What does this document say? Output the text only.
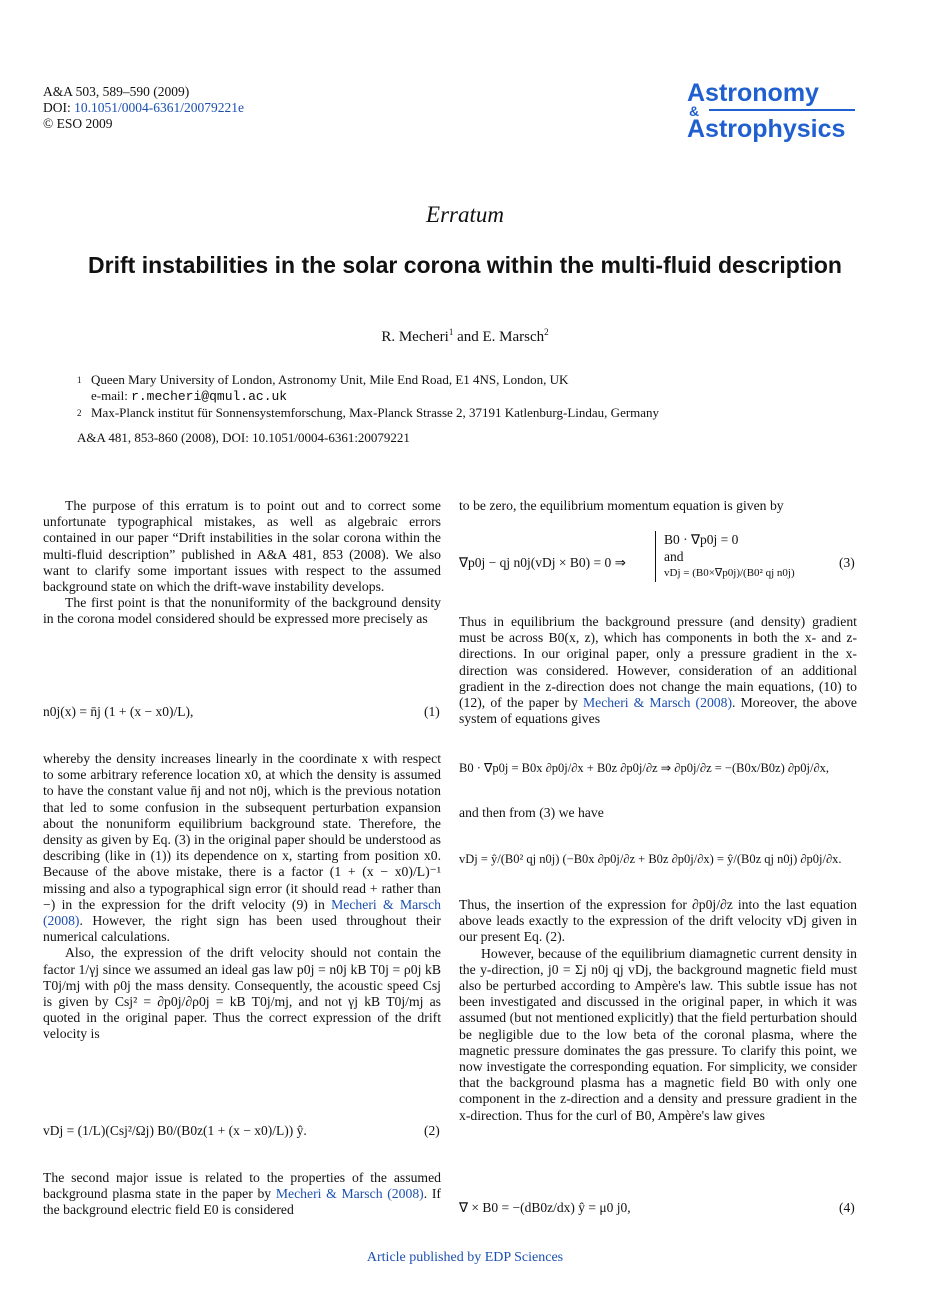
A&A 503, 589–590 (2009)
DOI: 10.1051/0004-6361/20079221e
© ESO 2009
Astronomy
&
Astrophysics
Erratum
Drift instabilities in the solar corona within the multi-fluid description
R. Mecheri$^1$ and E. Marsch$^2$
1 Queen Mary University of London, Astronomy Unit, Mile End Road, E1 4NS, London, UK
e-mail: r.mecheri@qmul.ac.uk
2 Max-Planck institut für Sonnensystemforschung, Max-Planck Strasse 2, 37191 Katlenburg-Lindau, Germany
A&A 481, 853-860 (2008), DOI: 10.1051/0004-6361:20079221

The purpose of this erratum is to point out and to correct some unfortunate typographical mistakes, as well as algebraic errors contained in our paper “Drift instabilities in the solar corona within the multi-fluid description” published in A&A 481, 853 (2008). We also want to clarify some important issues with respect to the assumed background state on which the drift-wave instability develops.

The first point is that the nonuniformity of the background density in the corona model considered should be expressed more precisely as

n0j(x) = n̄j (1 + (x − x0)/L),	(1)

whereby the density increases linearly in the coordinate x with respect to some arbitrary reference location x0, at which the density is assumed to have the constant value n̄j and not n0j, which is the previous notation that led to some confusion in the subsequent perturbation expansion about the nonuniform equilibrium background state. Therefore, the density as given by Eq. (3) in the original paper should be understood as describing (like in (1)) its dependence on x, starting from position x0. Because of the above mistake, there is a factor (1 + (x − x0)/L)⁻¹ missing and also a typographical sign error (it should read + rather than −) in the expression for the drift velocity (9) in Mecheri & Marsch (2008). However, the right sign has been used throughout their numerical calculations.

Also, the expression of the drift velocity should not contain the factor 1/γj since we assumed an ideal gas law p0j = n0j kB T0j = ρ0j kB T0j/mj with ρ0j the mass density. Consequently, the acoustic speed Csj is given by Csj² = ∂p0j/∂ρ0j = kB T0j/mj, and not γj kB T0j/mj as quoted in the original paper. Thus the correct expression of the drift velocity is

vDj = (1/L)(Csj²/Ωj) B0/(B0z(1 + (x − x0)/L)) ŷ.	(2)

The second major issue is related to the properties of the assumed background plasma state in the paper by Mecheri & Marsch (2008). If the background electric field E0 is considered

to be zero, the equilibrium momentum equation is given by

∇p0j − qj n0j(vDj × B0) = 0 ⇒
B0 · ∇p0j = 0
and
vDj = (B0×∇p0j)/(B0² qj n0j)
(3)

Thus in equilibrium the background pressure (and density) gradient must be across B0(x, z), which has components in both the x- and z-directions. In our original paper, only a pressure gradient in the x-direction was considered. However, consideration of an additional gradient in the z-direction does not change the main equations, (10) to (12), of the paper by Mecheri & Marsch (2008). Moreover, the above system of equations gives

B0 · ∇p0j = B0x ∂p0j/∂x + B0z ∂p0j/∂z ⇒ ∂p0j/∂z = −(B0x/B0z) ∂p0j/∂x,

and then from (3) we have

vDj = ŷ/(B0² qj n0j) (−B0x ∂p0j/∂z + B0z ∂p0j/∂x) = ŷ/(B0z qj n0j) ∂p0j/∂x.

Thus, the insertion of the expression for ∂p0j/∂z into the last equation above leads exactly to the expression of the drift velocity vDj given in our present Eq. (2).

However, because of the equilibrium diamagnetic current density in the y-direction, j0 = Σj n0j qj vDj, the background magnetic field must also be perturbed according to Ampère's law. This subtle issue has not been investigated and discussed in the original paper, in which it was assumed (but not mentioned explicitly) that the field perturbation should be negligible due to the low beta of the coronal plasma, where the magnetic pressure dominates the gas pressure. To clarify this point, we now investigate the corresponding equation. For simplicity, we consider that the background plasma has a magnetic field B0 with only one component in the z-direction and a density and pressure gradient in the x-direction. Thus for the curl of B0, Ampère's law gives

∇ × B0 = −(dB0z/dx) ŷ = μ0 j0,	(4)
Article published by EDP Sciences
